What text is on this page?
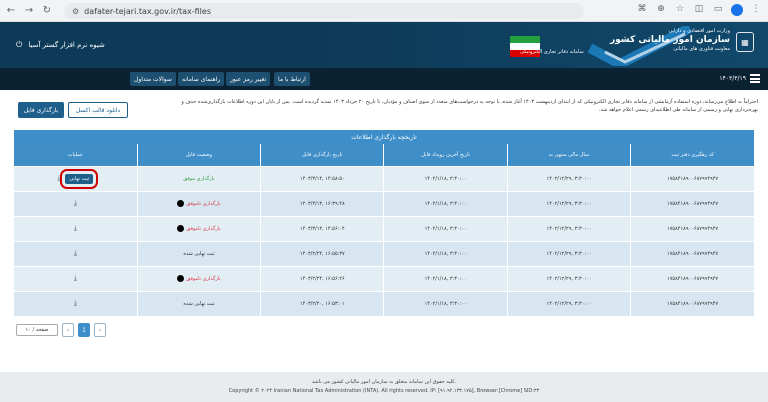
← → ↻	⚙ dafater-tejari.tax.gov.ir/tax-files	⌘ ⊕ ☆ ◫ ▭	⋮
⏻ شیوه نرم افزار گستر آسیا
سامانه دفاتر تجاری الکترونیکی
وزارت امور اقتصادی و دارایی
سازمان امور مالیاتی کشور
معاونت فناوری های مالیاتی
▦
سوالات متداول	راهنمای سامانه	تغییر رمز عبور	ارتباط با ما	۱۴۰۳/۳/۱۹
احتراماً به اطلاع می‌رساند، دوره استفاده آزمایشی از سامانه دفاتر تجاری الکترونیکی که از ابتدای اردیبهشت ۱۴۰۳ آغاز شده، با توجه به درخواست‌های متعدد از سوی اصناف و مؤدیان، تا تاریخ ۲۰ خرداد ۱۴۰۳ تمدید گردیده است. پس از پایان این دوره اطلاعات بارگذاری‌شده حذف و بهره‌برداری نهایی و رسمی از سامانه طی اطلاعیه‌ای رسمی اعلام خواهد شد.
بارگذاری فایل	دانلود قالب اکسل
تاریخچه بارگذاری اطلاعات
عملیات	وضعیت فایل	تاریخ بارگذاری فایل	تاریخ آخرین رویداد فایل	سال مالی منتهی به	کد رهگیری دفتر ثبت
⤓ ثبت نهایی	بارگذاری موفق	۱۴۰۳/۳/۱۴, ۱۴:۵۸:۵۰	۱۴۰۲/۱/۱۸, ۳:۳۰:۰۰	۱۴۰۲/۱۲/۲۹, ۳:۳۰:۰۰	۱۷۵۸۴۱۸۹۰۰۶۸۷۹۹۴۹۴۷
⤓	بارگذاری ناموفق	۱۴۰۳/۳/۱۳, ۱۶:۳۹:۴۸	۱۴۰۲/۱/۱۸, ۳:۳۰:۰۰	۱۴۰۲/۱۲/۲۹, ۳:۳۰:۰۰	۱۷۵۸۴۱۸۹۰۰۶۸۷۹۹۴۹۴۷
⤓	بارگذاری ناموفق	۱۴۰۳/۳/۱۳, ۱۴:۵۶:۰۴	۱۴۰۲/۱/۱۸, ۳:۳۰:۰۰	۱۴۰۲/۱۲/۲۹, ۳:۳۰:۰۰	۱۷۵۸۴۱۸۹۰۰۶۸۷۹۹۴۹۴۷
⤓	ثبت نهایی شده	۱۴۰۳/۲/۲۴, ۱۶:۵۵:۳۷	۱۴۰۲/۱/۱۸, ۳:۳۰:۰۰	۱۴۰۲/۱۲/۲۹, ۳:۳۰:۰۰	۱۷۵۸۴۱۸۹۰۰۶۸۷۹۹۴۹۴۷
⤓	بارگذاری ناموفق	۱۴۰۳/۲/۲۴, ۱۶:۵۶:۲۶	۱۴۰۲/۱/۱۸, ۳:۳۰:۰۰	۱۴۰۲/۱۲/۲۹, ۳:۳۰:۰۰	۱۷۵۸۴۱۸۹۰۰۶۸۷۹۹۴۹۴۷
⤓	ثبت نهایی شده	۱۴۰۳/۲/۲۰, ۱۶:۵۳:۰۱	۱۴۰۲/۱/۱۸, ۳:۳۰:۰۰	۱۴۰۲/۱۲/۲۹, ۳:۳۰:۰۰	۱۷۵۸۴۱۸۹۰۰۶۸۷۹۹۴۹۴۷
۱۰ / صفحه	‹	1	›
کلیه حقوق این سامانه متعلق به سازمان امور مالیاتی کشور می باشد.
Copyright © ۲۰۲۴ Iranian National Tax Administration (INTA). All rights reserved. IP: [۹۱.۹۲.۱۳۳.۱۷۵], Browser:[Chrome] SID:۳۳
